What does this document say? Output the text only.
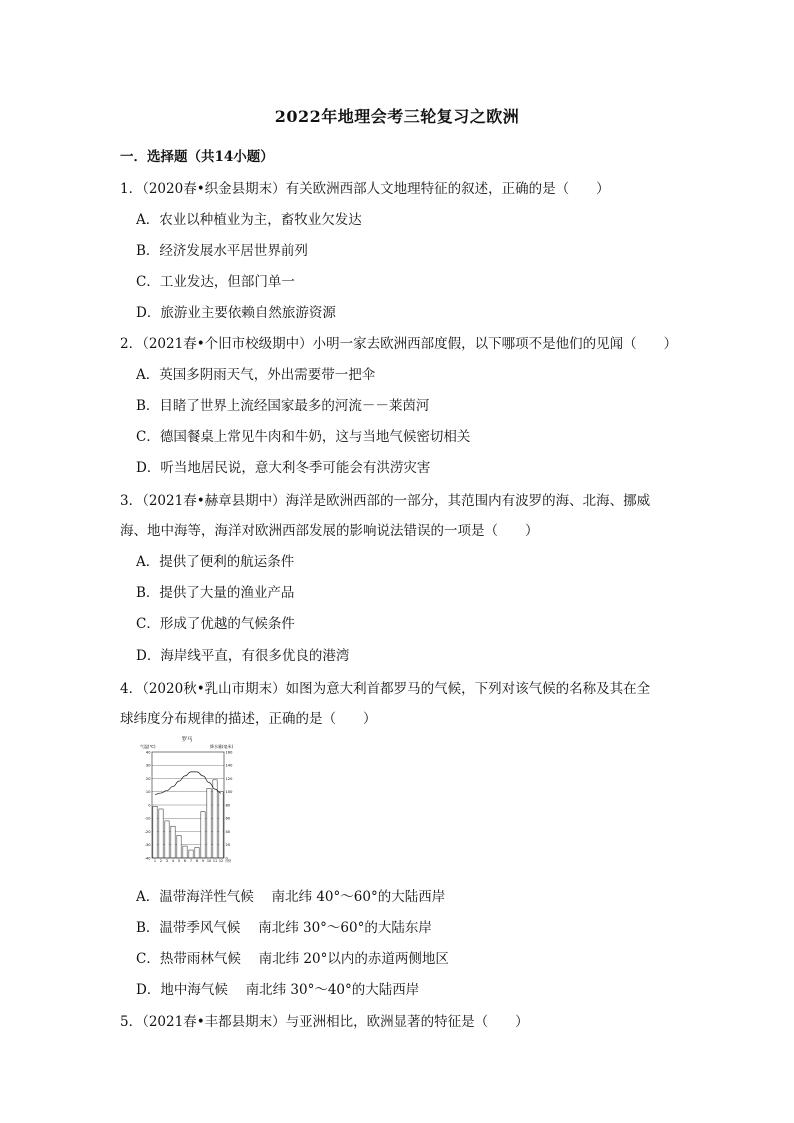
2022年地理会考三轮复习之欧洲
一．选择题（共14小题）
1．（2020春•织金县期末）有关欧洲西部人文地理特征的叙述，正确的是（　　）
A．农业以种植业为主，畜牧业欠发达
B．经济发展水平居世界前列
C．工业发达，但部门单一
D．旅游业主要依赖自然旅游资源
2．（2021春•个旧市校级期中）小明一家去欧洲西部度假，以下哪项不是他们的见闻（　　）
A．英国多阴雨天气，外出需要带一把伞
B．目睹了世界上流经国家最多的河流－－莱茵河
C．德国餐桌上常见牛肉和牛奶，这与当地气候密切相关
D．听当地居民说，意大利冬季可能会有洪涝灾害
3．（2021春•赫章县期中）海洋是欧洲西部的一部分，其范围内有波罗的海、北海、挪威
海、地中海等，海洋对欧洲西部发展的影响说法错误的一项是（　　）
A．提供了便利的航运条件
B．提供了大量的渔业产品
C．形成了优越的气候条件
D．海岸线平直，有很多优良的港湾
4．（2020秋•乳山市期末）如图为意大利首都罗马的气候，下列对该气候的名称及其在全
球纬度分布规律的描述，正确的是（　　）
罗马
气温(℃)	降水量(毫米)
40	160
30	140
20	120
10	100
0	80
-10	60
-20	40
-30	20
-40	0
1 2 3 4 5 6 7 8 9 10 11 12 月份
A．温带海洋性气候　 南北纬 40°～60°的大陆西岸
B．温带季风气候　 南北纬 30°～60°的大陆东岸
C．热带雨林气候　 南北纬 20°以内的赤道两侧地区
D．地中海气候　 南北纬 30°～40°的大陆西岸
5．（2021春•丰都县期末）与亚洲相比，欧洲显著的特征是（　　）
